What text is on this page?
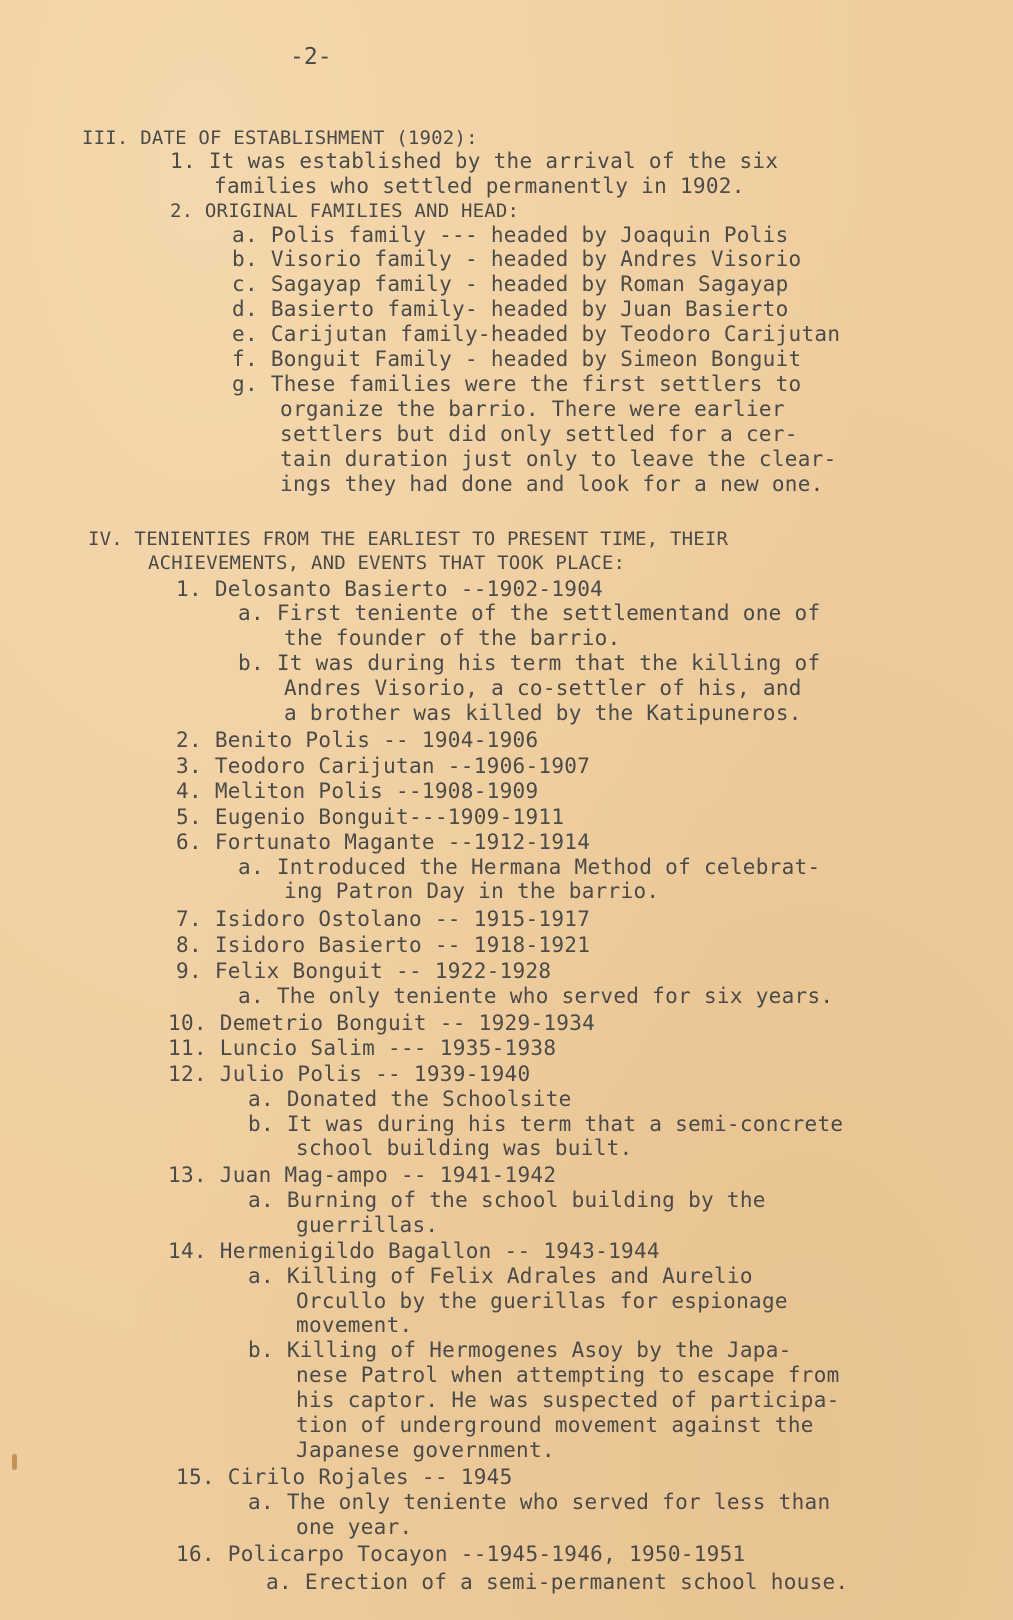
-2-
III. DATE OF ESTABLISHMENT (1902):
1. It was established by the arrival of the six
families who settled permanently in 1902.
2. ORIGINAL FAMILIES AND HEAD:
a. Polis family --- headed by Joaquin Polis
b. Visorio family - headed by Andres Visorio
c. Sagayap family - headed by Roman Sagayap
d. Basierto family- headed by Juan Basierto
e. Carijutan family-headed by Teodoro Carijutan
f. Bonguit Family - headed by Simeon Bonguit
g. These families were the first settlers to
organize the barrio. There were earlier
settlers but did only settled for a cer-
tain duration just only to leave the clear-
ings they had done and look for a new one.
IV. TENIENTIES FROM THE EARLIEST TO PRESENT TIME, THEIR
ACHIEVEMENTS, AND EVENTS THAT TOOK PLACE:
1. Delosanto Basierto --1902-1904
a. First teniente of the settlementand one of
the founder of the barrio.
b. It was during his term that the killing of
Andres Visorio, a co-settler of his, and
a brother was killed by the Katipuneros.
2. Benito Polis -- 1904-1906
3. Teodoro Carijutan --1906-1907
4. Meliton Polis --1908-1909
5. Eugenio Bonguit---1909-1911
6. Fortunato Magante --1912-1914
a. Introduced the Hermana Method of celebrat-
ing Patron Day in the barrio.
7. Isidoro Ostolano -- 1915-1917
8. Isidoro Basierto -- 1918-1921
9. Felix Bonguit -- 1922-1928
a. The only teniente who served for six years.
10. Demetrio Bonguit -- 1929-1934
11. Luncio Salim --- 1935-1938
12. Julio Polis -- 1939-1940
a. Donated the Schoolsite
b. It was during his term that a semi-concrete
school building was built.
13. Juan Mag-ampo -- 1941-1942
a. Burning of the school building by the
guerrillas.
14. Hermenigildo Bagallon -- 1943-1944
a. Killing of Felix Adrales and Aurelio
Orcullo by the guerillas for espionage
movement.
b. Killing of Hermogenes Asoy by the Japa-
nese Patrol when attempting to escape from
his captor. He was suspected of participa-
tion of underground movement against the
Japanese government.
15. Cirilo Rojales -- 1945
a. The only teniente who served for less than
one year.
16. Policarpo Tocayon --1945-1946, 1950-1951
a. Erection of a semi-permanent school house.
